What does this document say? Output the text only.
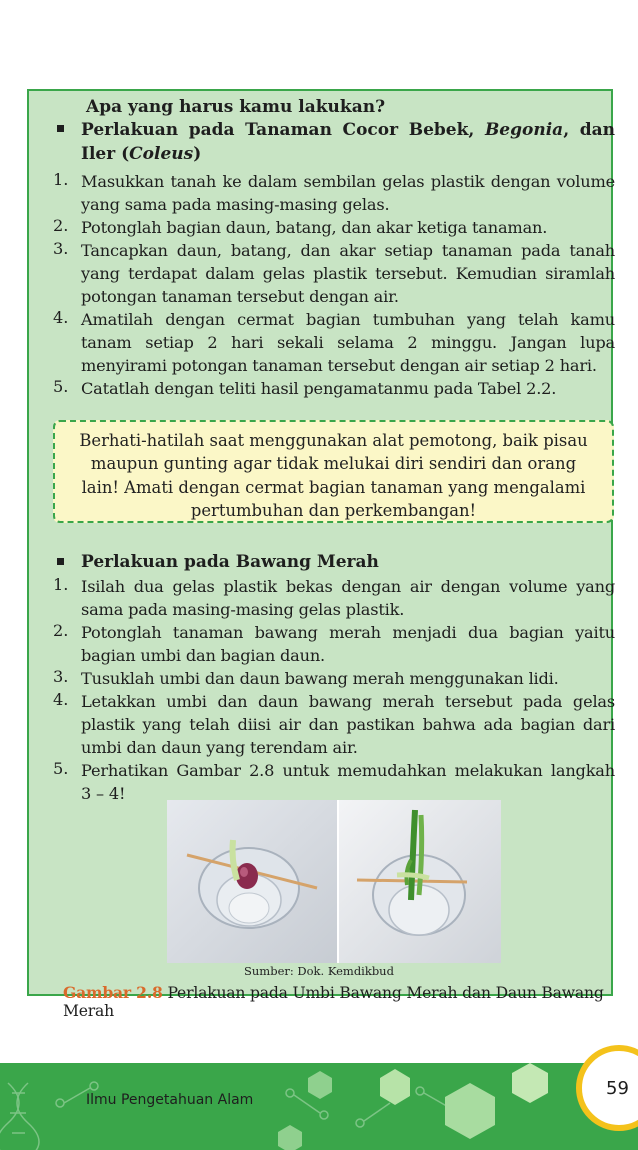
Apa yang harus kamu lakukan?
Perlakuan pada Tanaman Cocor Bebek, Begonia, dan
Iler (Coleus)
1. Masukkan tanah ke dalam sembilan gelas plastik dengan volume
yang sama pada masing-masing gelas.
2. Potonglah bagian daun, batang, dan akar ketiga tanaman.
3. Tancapkan daun, batang, dan akar setiap tanaman pada tanah yang terdapat dalam gelas plastik tersebut. Kemudian siramlah
potongan tanaman tersebut dengan air.
4. Amatilah dengan cermat bagian tumbuhan yang telah kamu tanam setiap 2 hari sekali selama 2 minggu. Jangan lupa
menyirami potongan tanaman tersebut dengan air setiap 2 hari.
5. Catatlah dengan teliti hasil pengamatanmu pada Tabel 2.2.
Berhati-hatilah saat menggunakan alat pemotong, baik pisau
maupun gunting agar tidak melukai diri sendiri dan orang
lain! Amati dengan cermat bagian tanaman yang mengalami
pertumbuhan dan perkembangan!
Perlakuan pada Bawang Merah
1. Isilah dua gelas plastik bekas dengan air dengan volume yang
sama pada masing-masing gelas plastik.
2. Potonglah tanaman bawang merah menjadi dua bagian yaitu
bagian umbi dan bagian daun.
3. Tusuklah umbi dan daun bawang merah menggunakan lidi.
4. Letakkan umbi dan daun bawang merah tersebut pada gelas plastik yang telah diisi air dan pastikan bahwa ada bagian dari
umbi dan daun yang terendam air.
5. Perhatikan Gambar 2.8 untuk memudahkan melakukan langkah
3 – 4!
Sumber: Dok. Kemdikbud
Gambar 2.8 Perlakuan pada Umbi Bawang Merah dan Daun Bawang Merah
Ilmu Pengetahuan Alam
59
